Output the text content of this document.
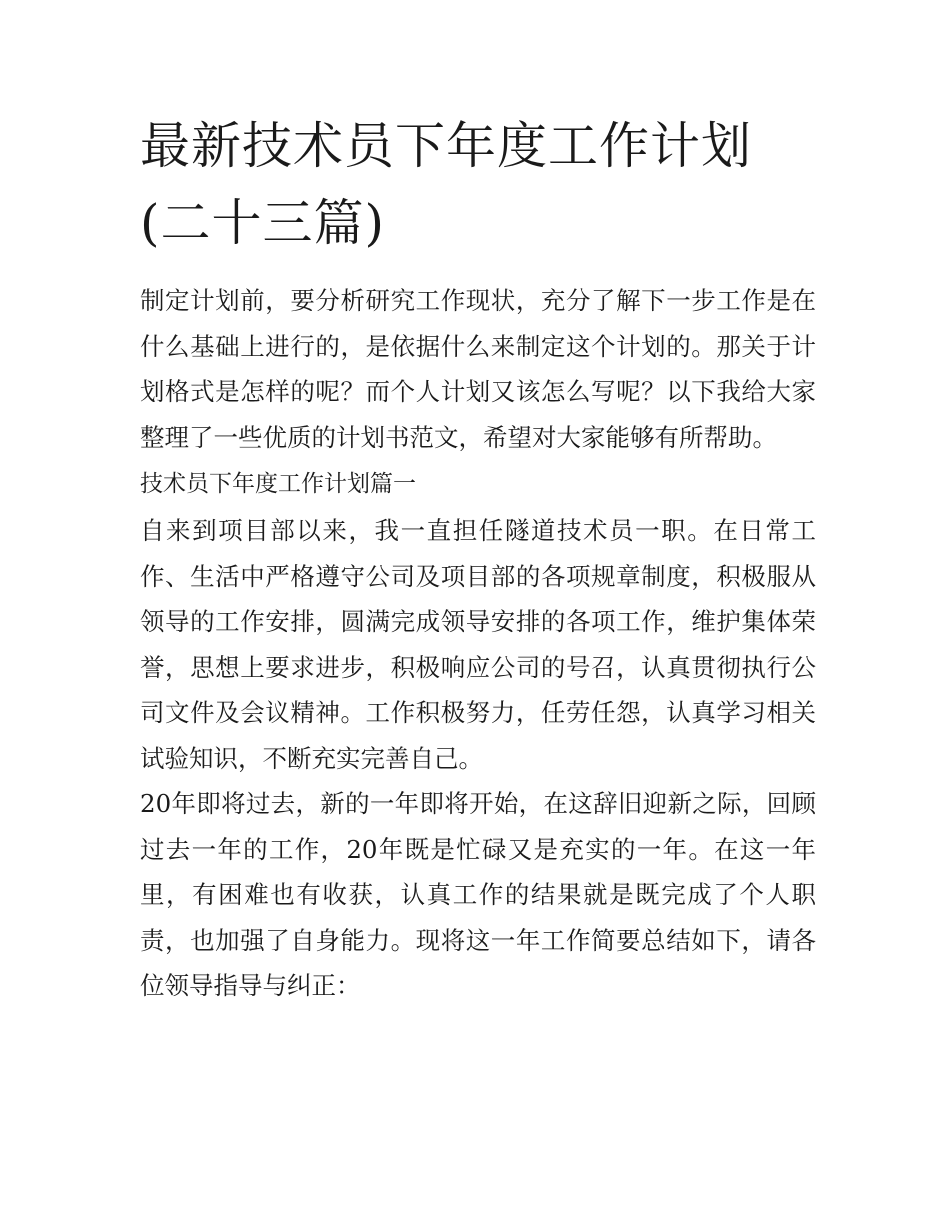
最新技术员下年度工作计划(二十三篇)

制定计划前，要分析研究工作现状，充分了解下一步工作是在什么基础上进行的，是依据什么来制定这个计划的。那关于计划格式是怎样的呢？而个人计划又该怎么写呢？以下我给大家整理了一些优质的计划书范文，希望对大家能够有所帮助。

技术员下年度工作计划篇一

自来到项目部以来，我一直担任隧道技术员一职。在日常工作、生活中严格遵守公司及项目部的各项规章制度，积极服从领导的工作安排，圆满完成领导安排的各项工作，维护集体荣誉，思想上要求进步，积极响应公司的号召，认真贯彻执行公司文件及会议精神。工作积极努力，任劳任怨，认真学习相关试验知识，不断充实完善自己。

20年即将过去，新的一年即将开始，在这辞旧迎新之际，回顾过去一年的工作，20年既是忙碌又是充实的一年。在这一年里，有困难也有收获，认真工作的结果就是既完成了个人职责，也加强了自身能力。现将这一年工作简要总结如下，请各位领导指导与纠正：
